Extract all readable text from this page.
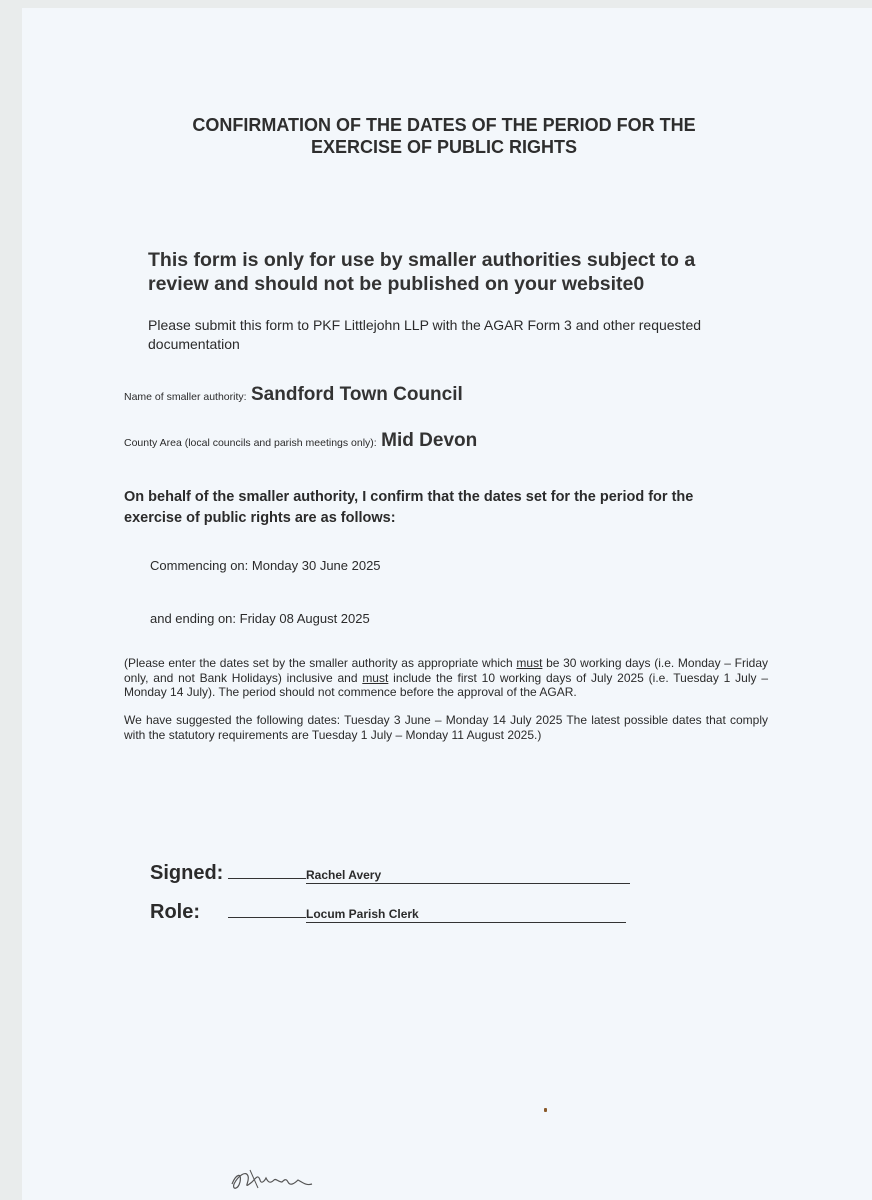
CONFIRMATION OF THE DATES OF THE PERIOD FOR THE
EXERCISE OF PUBLIC RIGHTS
This form is only for use by smaller authorities subject to a
review and should not be published on your website0
Please submit this form to PKF Littlejohn LLP with the AGAR Form 3 and other requested documentation
Name of smaller authority: Sandford Town Council
County Area (local councils and parish meetings only): Mid Devon
On behalf of the smaller authority, I confirm that the dates set for the period for the exercise of public rights are as follows:
Commencing on: Monday 30 June 2025
and ending on: Friday 08 August 2025
(Please enter the dates set by the smaller authority as appropriate which must be 30 working days (i.e. Monday – Friday only, and not Bank Holidays) inclusive and must include the first 10 working days of July 2025 (i.e. Tuesday 1 July – Monday 14 July). The period should not commence before the approval of the AGAR.
We have suggested the following dates: Tuesday 3 June – Monday 14 July 2025 The latest possible dates that comply with the statutory requirements are Tuesday 1 July – Monday 11 August 2025.)
Signed:	Rachel Avery
Role:	Locum Parish Clerk
